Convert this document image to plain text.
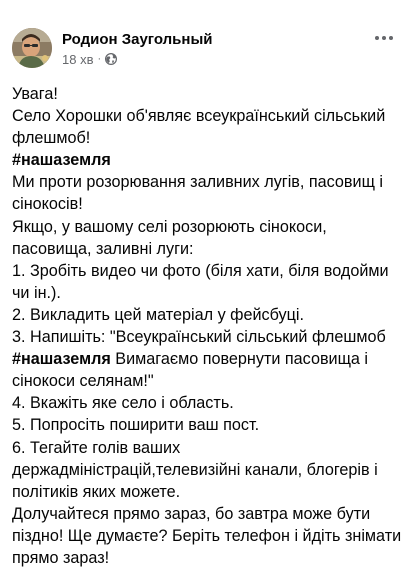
Родион Заугольный
18 хв ·

Увага!

Село Хорошки об'являє всеукраїнський сільський флешмоб!

#нашаземля

Ми проти розорювання заливних лугів, пасовищ і сінокосів!

Якщо, у вашому селі розорюють сінокоси, пасовища, заливні луги:

1. Зробіть видео чи фото (біля хати, біля водойми чи ін.).

2. Викладить цей матеріал у фейсбуці.

3. Напишіть: "Всеукраїнський сільський флешмоб #нашаземля Вимагаємо повернути пасовища і сінокоси селянам!"

4. Вкажіть яке село і область.

5. Попросіть поширити ваш пост.

6. Тегайте голів ваших держадміністрацій,телевизійні канали, блогерів і політиків яких можете.

Долучайтеся прямо зараз, бо завтра може бути піздно! Ще думаєте? Беріть телефон і йдіть знімати прямо зараз!
